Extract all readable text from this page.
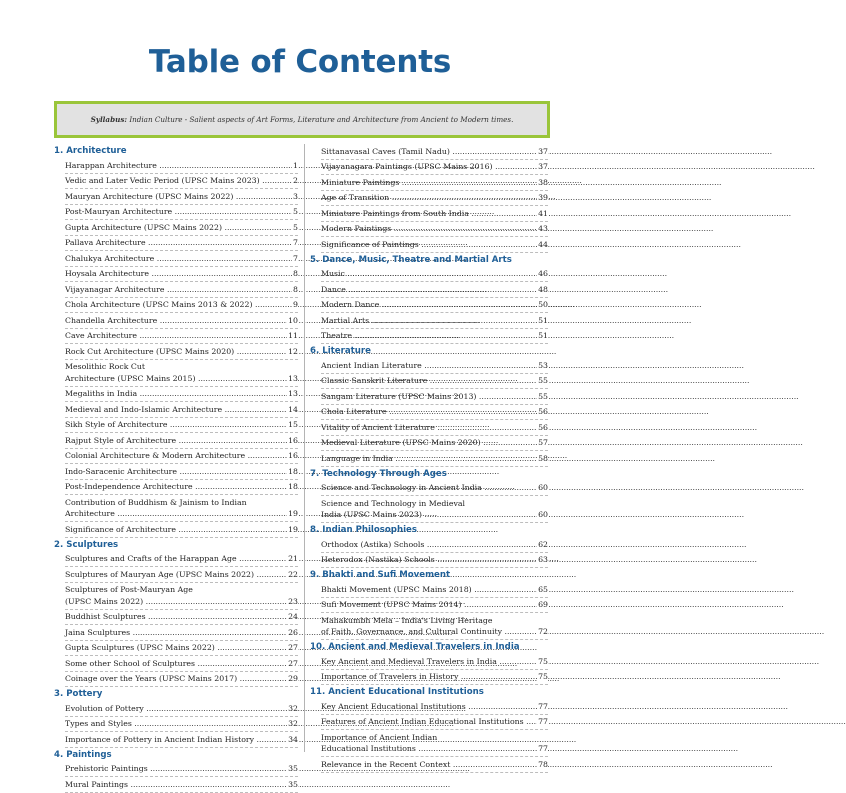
Table of Contents
Syllabus: Indian Culture - Salient aspects of Art Forms, Literature and Architecture from Ancient to Modern times.
1. Architecture
Harappan Architecture .....	1
Vedic and Later Vedic Period (UPSC Mains 2023) .....	2
Mauryan Architecture (UPSC Mains 2022) .....	3
Post-Mauryan Architecture .....	5
Gupta Architecture (UPSC Mains 2022) .....	5
Pallava Architecture .....	7
Chalukya Architecture .....	7
Hoysala Architecture .....	8
Vijayanagar Architecture .....	8
Chola Architecture (UPSC Mains 2013 & 2022) .....	9
Chandella Architecture .....	10
Cave Architecture .....	11
Rock Cut Architecture (UPSC Mains 2020) .....	12
Mesolithic Rock Cut
Architecture (UPSC Mains 2015) .....	13
Megaliths in India .....	13
Medieval and Indo-Islamic Architecture .....	14
Sikh Style of Architecture .....	15
Rajput Style of Architecture .....	16
Colonial Architecture & Modern Architecture .....	16
Indo-Saracenic Architecture .....	18
Post-Independence Architecture .....	18
Contribution of Buddhism & Jainism to Indian
Architecture .....	19
Significance of Architecture .....	19
2. Sculptures
Sculptures and Crafts of the Harappan Age .....	21
Sculptures of Mauryan Age (UPSC Mains 2022) .....	22
Sculptures of Post-Mauryan Age
(UPSC Mains 2022) .....	23
Buddhist Sculptures .....	24
Jaina Sculptures .....	26
Gupta Sculptures (UPSC Mains 2022) .....	27
Some other School of Sculptures .....	27
Coinage over the Years (UPSC Mains 2017) .....	29
3. Pottery
Evolution of Pottery .....	32
Types and Styles .....	32
Importance of Pottery in Ancient Indian History .....	34
4. Paintings
Prehistoric Paintings .....	35
Mural Paintings .....	35
Sittanavasal Caves (Tamil Nadu) .....	37
Vijayanagara Paintings (UPSC Mains 2016) .....	37
Miniature Paintings .....	38
Age of Transition .....	39
Miniature Paintings from South India .....	41
Modern Paintings .....	43
Significance of Paintings .....	44
5. Dance, Music, Theatre and Martial Arts
Music .....	46
Dance .....	48
Modern Dance .....	50
Martial Arts .....	51
Theatre .....	51
6. Literature
Ancient Indian Literature .....	53
Classic Sanskrit Literature .....	55
Sangam Literature (UPSC Mains 2013) .....	55
Chola Literature .....	56
Vitality of Ancient Literature .....	56
Medieval Literature (UPSC Mains 2020) .....	57
Language in India .....	58
7. Technology Through Ages
Science and Technology in Ancient India .....	60
Science and Technology in Medieval
India (UPSC Mains 2023) .....	60
8. Indian Philosophies
Orthodox (Astika) Schools .....	62
Heterodox (Nastika) Schools .....	63
9. Bhakti and Sufi Movement
Bhakti Movement (UPSC Mains 2018) .....	65
Sufi Movement (UPSC Mains 2014) .....	69
Mahakumbh Mela – India's Living Heritage
of Faith, Governance, and Cultural Continuity .....	72
10. Ancient and Medieval Travelers in India
Key Ancient and Medieval Travelers in India .....	75
Importance of Travelers in History .....	75
11. Ancient Educational Institutions
Key Ancient Educational Institutions .....	77
Features of Ancient Indian Educational Institutions .....	77
Importance of Ancient Indian
Educational Institutions .....	77
Relevance in the Recent Context .....	78
